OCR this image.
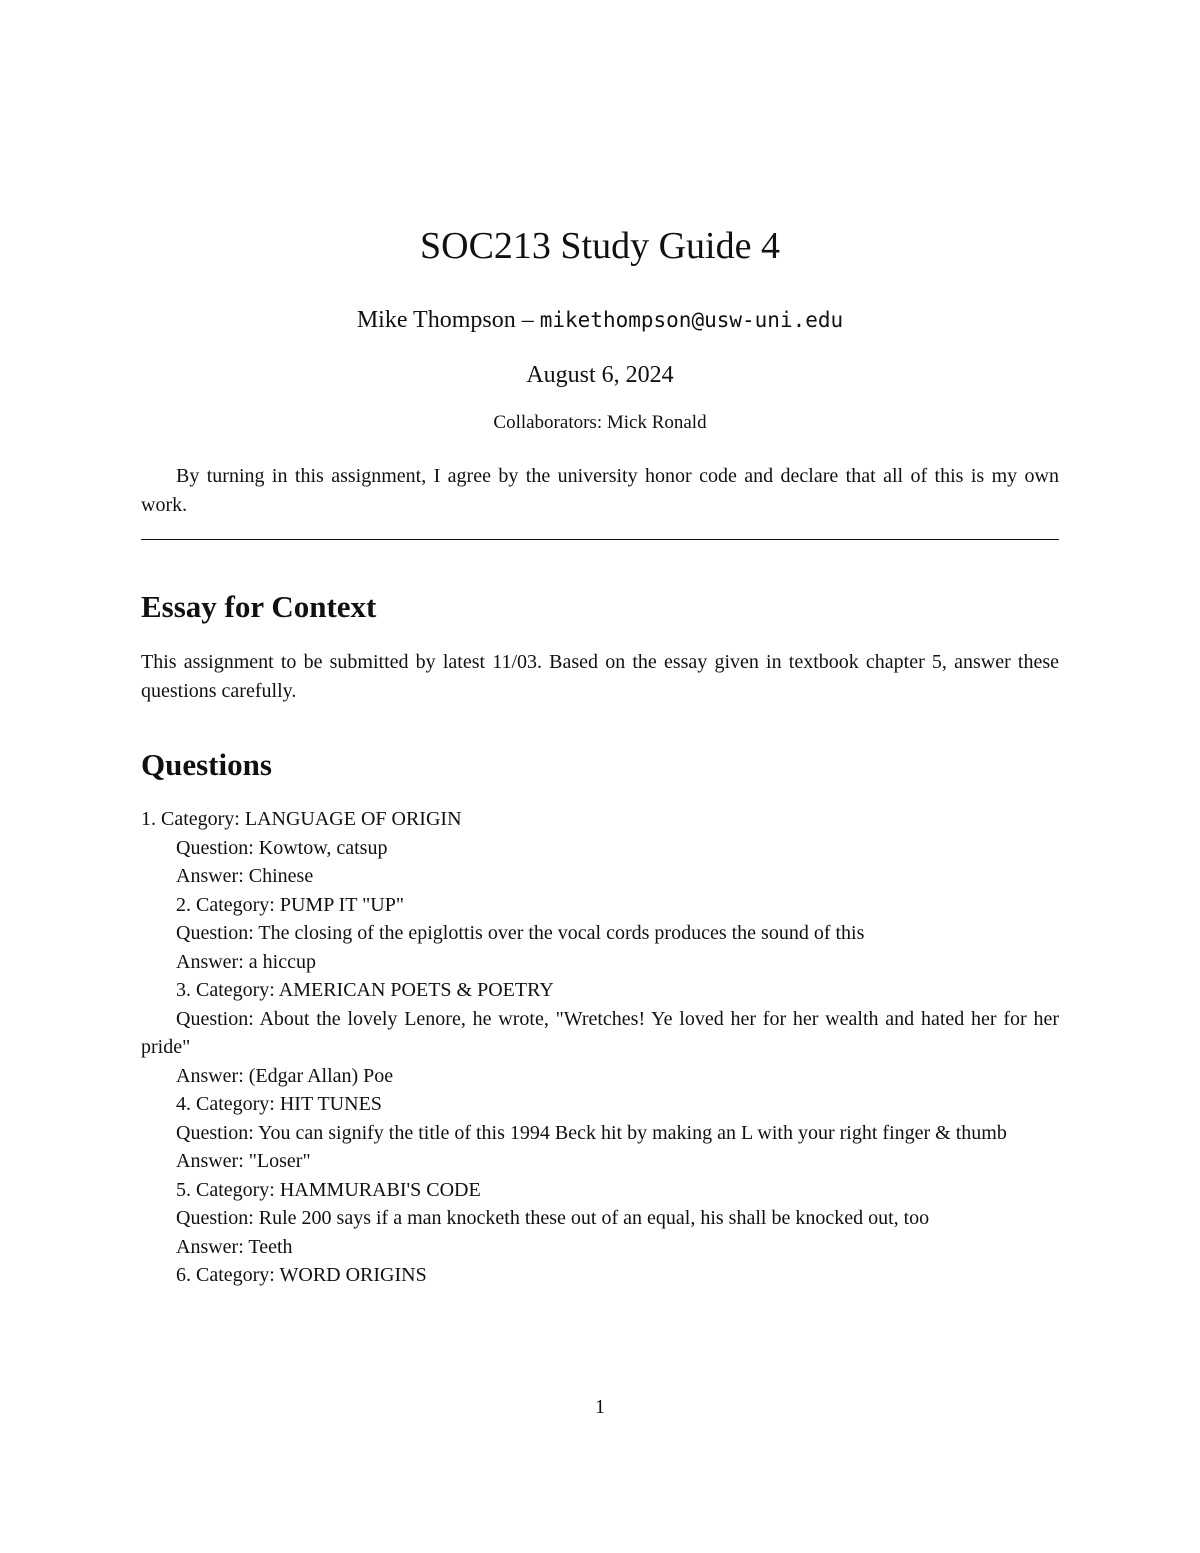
SOC213 Study Guide 4
Mike Thompson – mikethompson@usw-uni.edu
August 6, 2024
Collaborators: Mick Ronald
By turning in this assignment, I agree by the university honor code and declare that all of this is my own work.
Essay for Context
This assignment to be submitted by latest 11/03. Based on the essay given in textbook chapter 5, answer these questions carefully.
Questions

1. Category: LANGUAGE OF ORIGIN

Question: Kowtow, catsup

Answer: Chinese

2. Category: PUMP IT "UP"

Question: The closing of the epiglottis over the vocal cords produces the sound of this

Answer: a hiccup

3. Category: AMERICAN POETS & POETRY

Question: About the lovely Lenore, he wrote, "Wretches! Ye loved her for her wealth and hated her for her pride"

Answer: (Edgar Allan) Poe

4. Category: HIT TUNES

Question: You can signify the title of this 1994 Beck hit by making an L with your right finger & thumb

Answer: "Loser"

5. Category: HAMMURABI'S CODE

Question: Rule 200 says if a man knocketh these out of an equal, his shall be knocked out, too

Answer: Teeth

6. Category: WORD ORIGINS

1
